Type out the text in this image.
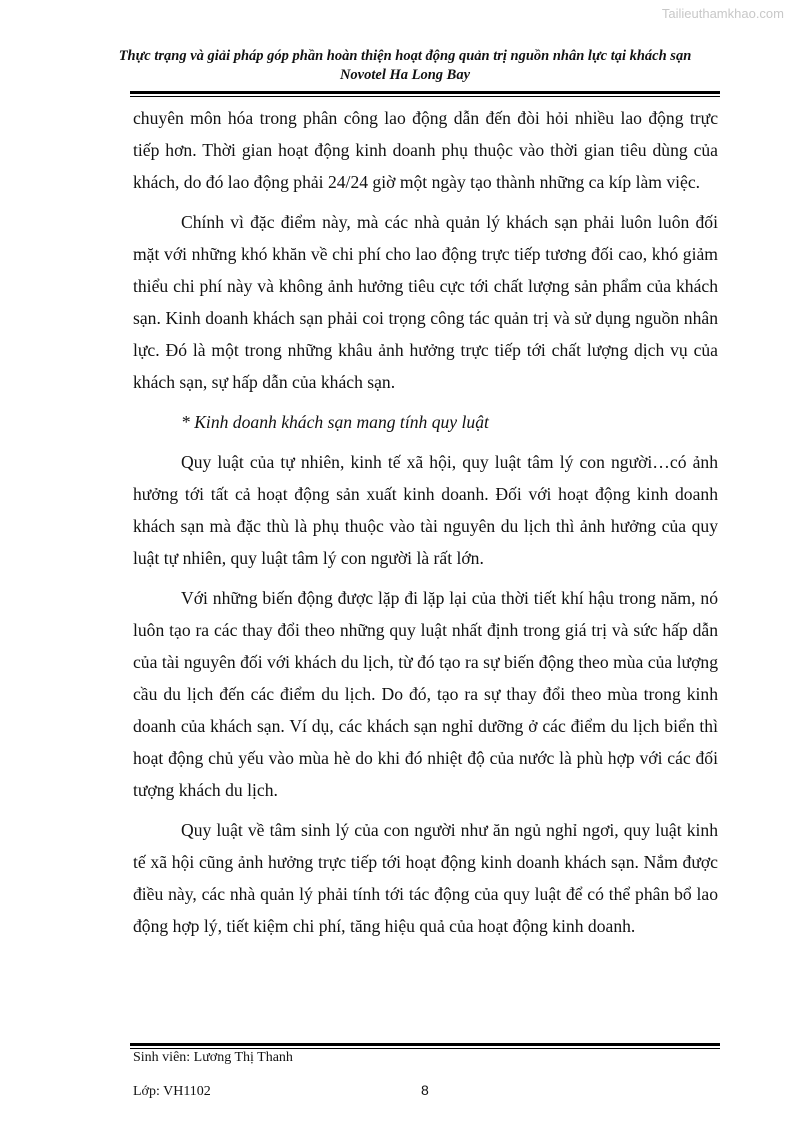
Tailieuthamkhao.com
Thực trạng và giải pháp góp phần hoàn thiện hoạt động quản trị nguồn nhân lực tại khách sạn
Novotel Ha Long Bay

chuyên môn hóa trong phân công lao động dẫn đến đòi hỏi nhiều lao động trực tiếp hơn. Thời gian hoạt động kinh doanh phụ thuộc vào thời gian tiêu dùng của khách, do đó lao động phải 24/24 giờ một ngày tạo thành những ca kíp làm việc.

Chính vì đặc điểm này, mà các nhà quản lý khách sạn phải luôn luôn đối mặt với những khó khăn về chi phí cho lao động trực tiếp tương đối cao, khó giảm thiểu chi phí này và không ảnh hưởng tiêu cực tới chất lượng sản phẩm của khách sạn. Kinh doanh khách sạn phải coi trọng công tác quản trị và sử dụng nguồn nhân lực. Đó là một trong những khâu ảnh hưởng trực tiếp tới chất lượng dịch vụ của khách sạn, sự hấp dẫn của khách sạn.

* Kinh doanh khách sạn mang tính quy luật

Quy luật của tự nhiên, kinh tế xã hội, quy luật tâm lý con người…có ảnh hưởng tới tất cả hoạt động sản xuất kinh doanh. Đối với hoạt động kinh doanh khách sạn mà đặc thù là phụ thuộc vào tài nguyên du lịch thì ảnh hưởng của quy luật tự nhiên, quy luật tâm lý con người là rất lớn.

Với những biến động được lặp đi lặp lại của thời tiết khí hậu trong năm, nó luôn tạo ra các thay đổi theo những quy luật nhất định trong giá trị và sức hấp dẫn của tài nguyên đối với khách du lịch, từ đó tạo ra sự biến động theo mùa của lượng cầu du lịch đến các điểm du lịch. Do đó, tạo ra sự thay đổi theo mùa trong kinh doanh của khách sạn. Ví dụ, các khách sạn nghỉ dưỡng ở các điểm du lịch biển thì hoạt động chủ yếu vào mùa hè do khi đó nhiệt độ của nước là phù hợp với các đối tượng khách du lịch.

Quy luật về tâm sinh lý của con người như ăn ngủ nghỉ ngơi, quy luật kinh tế xã hội cũng ảnh hưởng trực tiếp tới hoạt động kinh doanh khách sạn. Nắm được điều này, các nhà quản lý phải tính tới tác động của quy luật để có thể phân bổ lao động hợp lý, tiết kiệm chi phí, tăng hiệu quả của hoạt động kinh doanh.

Sinh viên: Lương Thị Thanh
Lớp: VH1102	8
